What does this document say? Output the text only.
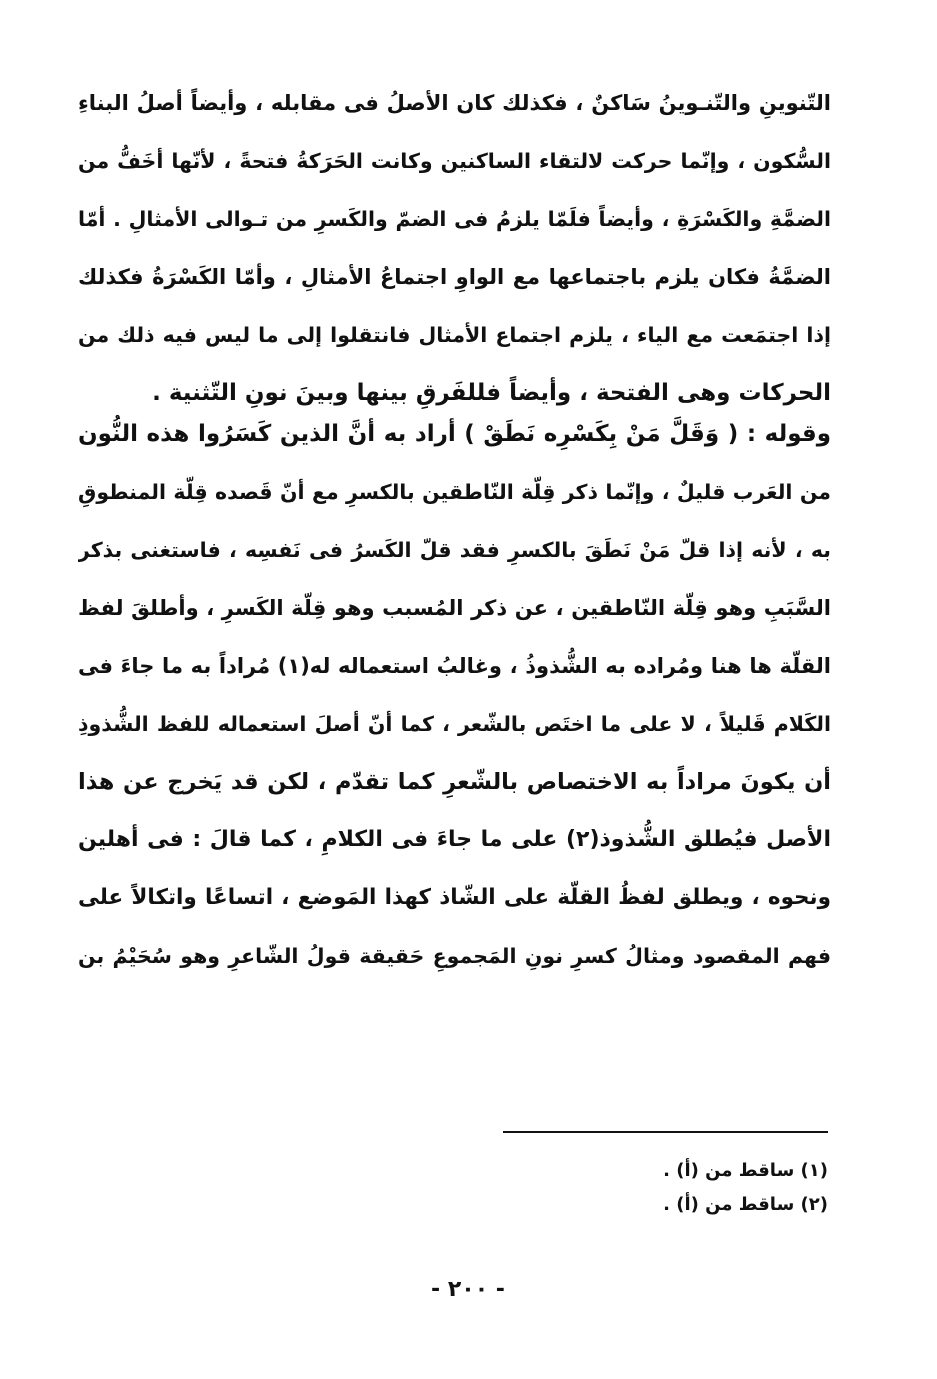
التّنوينِ والتّنـوينُ سَاكنٌ ، فكذلك كان الأصلُ فى مقابله ، وأيضاً أصلُ البناءِ
السُّكون ، وإنّما حركت لالتقاء الساكنين وكانت الحَرَكةُ فتحةً ، لأنّها أخَفُّ من
الضمَّةِ والكَسْرَةِ ، وأيضاً فلَمّا يلزمُ فى الضمّ والكَسرِ من تـوالى الأمثالِ . أمّا
الضمَّةُ فكان يلزم باجتماعها مع الواوِ اجتماعُ الأمثالِ ، وأمّا الكَسْرَةُ فكذلك
إذا اجتمَعت مع الياء ، يلزم اجتماع الأمثال فانتقلوا إلى ما ليس فيه ذلك من
الحركات وهى الفتحة ، وأيضاً فللفَرقِ بينها وبينَ نونِ التّثنية .
وقوله : ( وَقَلَّ مَنْ بِكَسْرِه نَطَقْ ) أراد به أنَّ الذين كَسَرُوا هذه النُّون
من العَرب قليلٌ ، وإنّما ذكر قِلّة النّاطقين بالكسرِ مع أنّ قَصده قِلّة المنطوقِ
به ، لأنه إذا قلّ مَنْ نَطَقَ بالكسرِ فقد قلّ الكَسرُ فى نَفسِه ، فاستغنى بذكر
السَّبَبِ وهو قِلّة النّاطقين ، عن ذكر المُسبب وهو قِلّة الكَسرِ ، وأطلقَ لفظ
القلّة ها هنا ومُراده به الشُّذوذُ ، وغالبُ استعماله له(١) مُراداً به ما جاءَ فى
الكَلام قَليلاً ، لا على ما اختَص بالشّعر ، كما أنّ أصلَ استعماله للفظ الشُّذوذِ
أن يكونَ مراداً به الاختصاص بالشّعرِ كما تقدّم ، لكن قد يَخرج عن هذا
الأصل فيُطلق الشُّذوذ(٢) على ما جاءَ فى الكلامِ ، كما قالَ : فى أهلين
ونحوه ، ويطلق لفظُ القلّة على الشّاذ كهذا المَوضع ، اتساعًا واتكالاً على
فهم المقصود ومثالُ كسرِ نونِ المَجموعِ حَقيقة قولُ الشّاعرِ وهو سُحَيْمُ بن
(١) ساقط من (أ) .
(٢) ساقط من (أ) .
- ٢٠٠ -
